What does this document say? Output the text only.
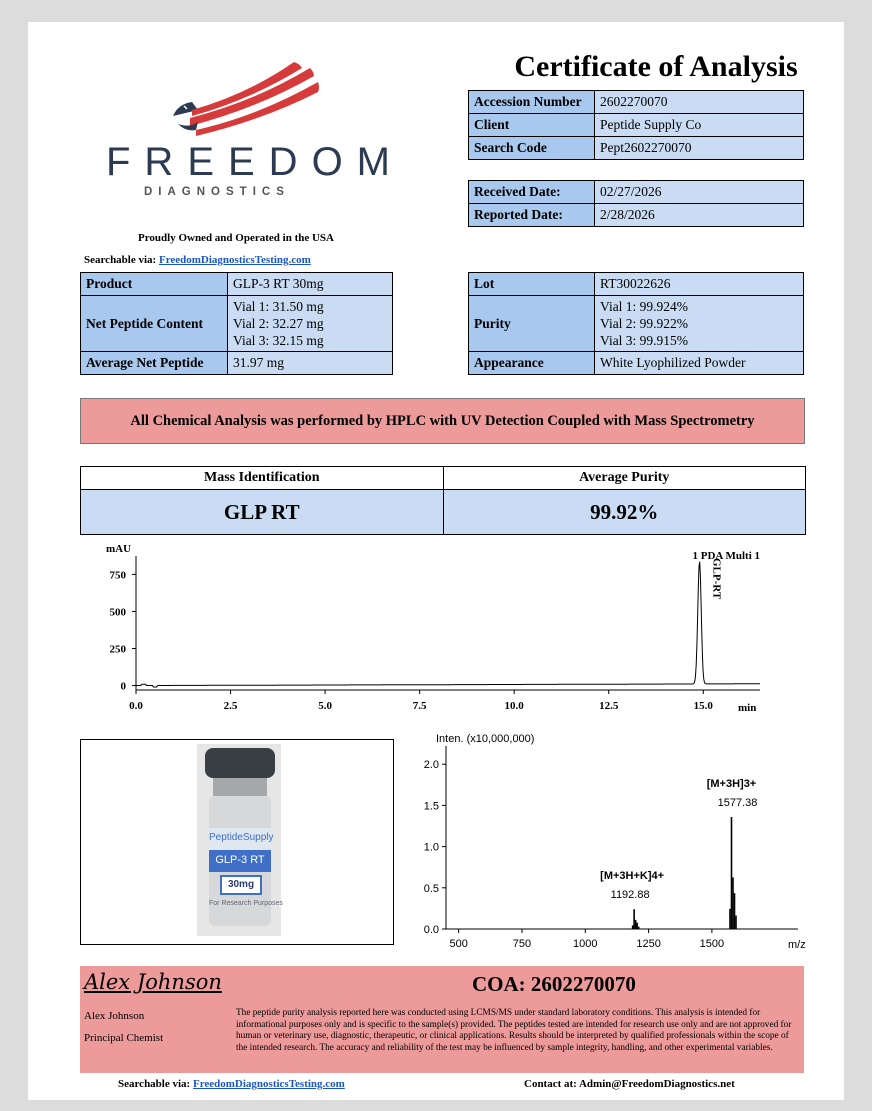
FREEDOM
DIAGNOSTICS
Proudly Owned and Operated in the USA
Searchable via: FreedomDiagnosticsTesting.com
Certificate of Analysis
Accession Number	2602270070
Client	Peptide Supply Co
Search Code	Pept2602270070
Received Date:	02/27/2026
Reported Date:	2/28/2026
Product	GLP-3 RT 30mg
Net Peptide Content	Vial 1: 31.50 mg
Vial 2: 32.27 mg
Vial 3: 32.15 mg

Average Net Peptide	31.97 mg
Lot	RT30022626
Purity	Vial 1: 99.924%
Vial 2: 99.922%
Vial 3: 99.915%

Appearance	White Lyophilized Powder
All Chemical Analysis was performed by HPLC with UV Detection Coupled with Mass Spectrometry
Mass Identification	Average Purity
GLP RT	99.92%
mAU
1 PDA Multi 1
min
0.0	2.5	5.0	7.5	10.0	12.5	15.0
0
250
500
750	GLP-RT
PeptideSupply
GLP-3 RT
30mg
For Research Purposes
Inten. (x10,000,000)
m/z
500	750	1000	1250	1500
0.0
0.5
1.0
1.5
2.0
[M+3H+K]4+
1192.88
[M+3H]3+
1577.38
Alex Johnson	COA: 2602270070
Alex Johnson
Principal Chemist
The peptide purity analysis reported here was conducted using LCMS/MS under standard laboratory conditions. This analysis is intended for informational purposes only and is specific to the sample(s) provided. The peptides tested are intended for research use only and are not approved for human or veterinary use, diagnostic, therapeutic, or clinical applications. Results should be interpreted by qualified professionals within the scope of the intended research. The accuracy and reliability of the test may be influenced by sample integrity, handling, and other experimental variables.
Searchable via: FreedomDiagnosticsTesting.com	Contact at: Admin@FreedomDiagnostics.net
